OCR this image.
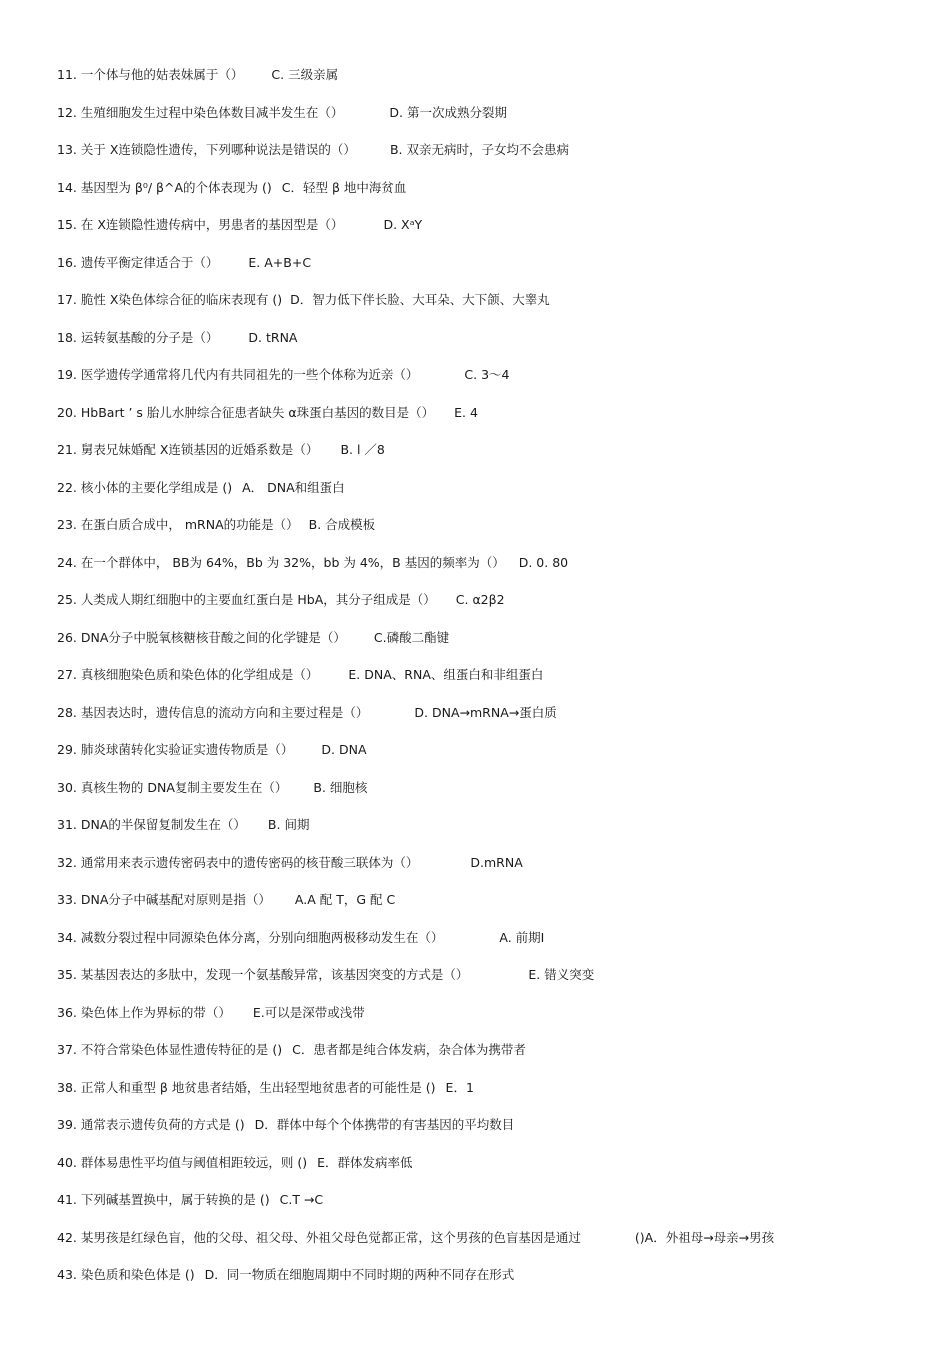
11. 一个体与他的姑表妹属于（） C. 三级亲属
12. 生殖细胞发生过程中染色体数目减半发生在（）	D. 第一次成熟分裂期
13. 关于 X连锁隐性遗传，下列哪种说法是错误的（）	B. 双亲无病时，子女均不会患病
14. 基因型为 β⁰/ β^A的个体表现为 () C．轻型 β 地中海贫血
15. 在 X连锁隐性遗传病中，男患者的基因型是（）	D. XᵃY
16. 遗传平衡定律适合于（） E. A+B+C
17. 脆性 X染色体综合征的临床表现有 () D．智力低下伴长脸、大耳朵、大下颌、大睾丸
18. 运转氨基酸的分子是（） D. tRNA
19. 医学遗传学通常将几代内有共同祖先的一些个体称为近亲（）	C. 3～4
20. HbBart ’ s 胎儿水肿综合征患者缺失 α珠蛋白基因的数目是（） E. 4
21. 舅表兄妹婚配 X连锁基因的近婚系数是（） B. l ／8
22. 核小体的主要化学组成是 () A． DNA和组蛋白
23. 在蛋白质合成中， mRNA的功能是（） B. 合成模板
24. 在一个群体中， BB为 64%，Bb 为 32%，bb 为 4%，B 基因的频率为（） D. 0. 80
25. 人类成人期红细胞中的主要血红蛋白是 HbA，其分子组成是（） C. α2β2
26. DNA分子中脱氧核糖核苷酸之间的化学键是（） C.磷酸二酯键
27. 真核细胞染色质和染色体的化学组成是（） E. DNA、RNA、组蛋白和非组蛋白
28. 基因表达时，遗传信息的流动方向和主要过程是（）	D. DNA→mRNA→蛋白质
29. 肺炎球菌转化实验证实遗传物质是（） D. DNA
30. 真核生物的 DNA复制主要发生在（） B. 细胞核
31. DNA的半保留复制发生在（） B. 间期
32. 通常用来表示遗传密码表中的遗传密码的核苷酸三联体为（）	D.mRNA
33. DNA分子中碱基配对原则是指（） A.A 配 T，G 配 C
34. 减数分裂过程中同源染色体分离，分别向细胞两极移动发生在（）	A. 前期Ⅰ
35. 某基因表达的多肽中，发现一个氨基酸异常，该基因突变的方式是（）	E. 错义突变
36. 染色体上作为界标的带（） E.可以是深带或浅带
37. 不符合常染色体显性遗传特征的是 () C．患者都是纯合体发病，杂合体为携带者
38. 正常人和重型 β 地贫患者结婚，生出轻型地贫患者的可能性是 () E．1
39. 通常表示遗传负荷的方式是 () D．群体中每个个体携带的有害基因的平均数目
40. 群体易患性平均值与阈值相距较远，则 () E．群体发病率低
41. 下列碱基置换中，属于转换的是 () C.T →C
42. 某男孩是红绿色盲，他的父母、祖父母、外祖父母色觉都正常，这个男孩的色盲基因是通过	()A．外祖母→母亲→男孩
43. 染色质和染色体是 () D．同一物质在细胞周期中不同时期的两种不同存在形式
